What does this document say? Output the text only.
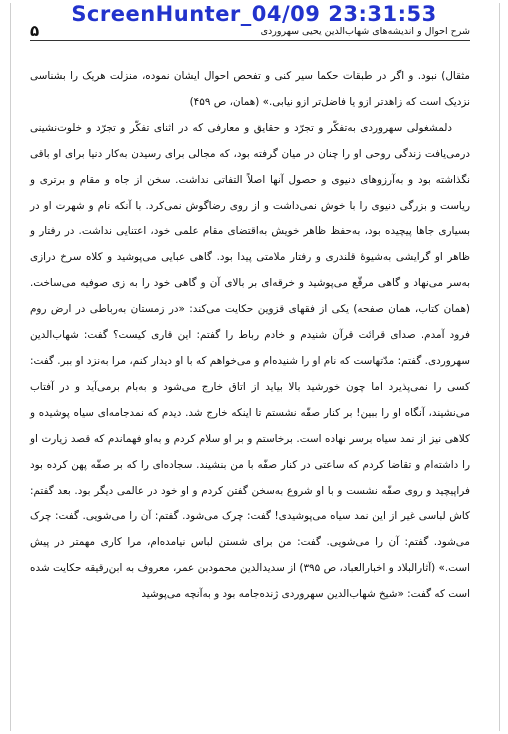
ScreenHunter_04/09 23:31:53
۵	شرح احوال و اندیشه‌های شهاب‌الدین یحیی سهروردی

مثقال) نبود. و اگر در طبقات حکما سیر کنی و تفحص احوال ایشان نموده، منزلت هریک را بشناسی نزدیک است که زاهدتر ازو یا فاضل‌تر ازو نیابی.» (همان، ص ۴۵۹)

دلمشغولی سهروردی به‌تفکّر و تجرّد و حقایق و معارفی که در اثنای تفکّر و تجرّد و خلوت‌نشینی درمی‌یافت زندگی روحی او را چنان در میان گرفته بود، که مجالی برای رسیدن به‌کار دنیا برای او باقی نگذاشته بود و به‌آرزوهای دنیوی و حصول آنها اصلاً التفاتی نداشت. سخن از جاه و مقام و برتری و ریاست و بزرگی دنیوی را با خوش نمی‌داشت و از روی رضاگوش نمی‌کرد. با آنکه نام و شهرت او در بسیاری جاها پیچیده بود، به‌حفظ ظاهر خویش به‌اقتضای مقام علمی خود، اعتنایی نداشت. در رفتار و ظاهر او گرایشی به‌شیوهٔ قلندری و رفتار ملامتی پیدا بود. گاهی عبایی می‌پوشید و کلاه سرخ درازی به‌سر می‌نهاد و گاهی مرقّع می‌پوشید و خرقه‌ای بر بالای آن و گاهی خود را به زی صوفیه می‌ساخت. (همان کتاب، همان صفحه) یکی از فقهای قزوین حکایت می‌کند: «در زمستان به‌رباطی در ارض روم فرود آمدم. صدای قرائت قرآن شنیدم و خادم رباط را گفتم: این قاری کیست؟ گفت: شهاب‌الدین سهروردی. گفتم: مدّتهاست که نام او را شنیده‌ام و می‌خواهم که با او دیدار کنم، مرا به‌نزد او ببر. گفت: کسی را نمی‌پذیرد اما چون خورشید بالا بیاید از اتاق خارج می‌شود و به‌بام برمی‌آید و در آفتاب می‌نشیند، آنگاه او را ببین! بر کنار صفّه نشستم تا اینکه خارج شد. دیدم که نمدجامه‌ای سیاه پوشیده و کلاهی نیز از نمد سیاه برسر نهاده است. برخاستم و بر او سلام کردم و به‌او فهماندم که قصد زیارت او را داشته‌ام و تقاضا کردم که ساعتی در کنار صفّه با من بنشیند. سجاده‌ای را که بر صفّه پهن کرده بود فراپیچید و روی صفّه نشست و با او شروع به‌سخن گفتن کردم و او خود در عالمی دیگر بود. بعد گفتم: کاش لباسی غیر از این نمد سیاه می‌پوشیدی! گفت: چرک می‌شود. گفتم: آن را می‌شویی. گفت: چرک می‌شود. گفتم: آن را می‌شویی. گفت: من برای شستن لباس نیامده‌ام، مرا کاری مهمتر در پیش است.» (آثارالبلاد و اخبارالعباد، ص ۳۹۵) از سدیدالدین محمودبن عمر، معروف به ابن‌رقیقه حکایت شده است که گفت: «شیخ شهاب‌الدین سهروردی ژنده‌جامه بود و به‌آنچه می‌پوشید
